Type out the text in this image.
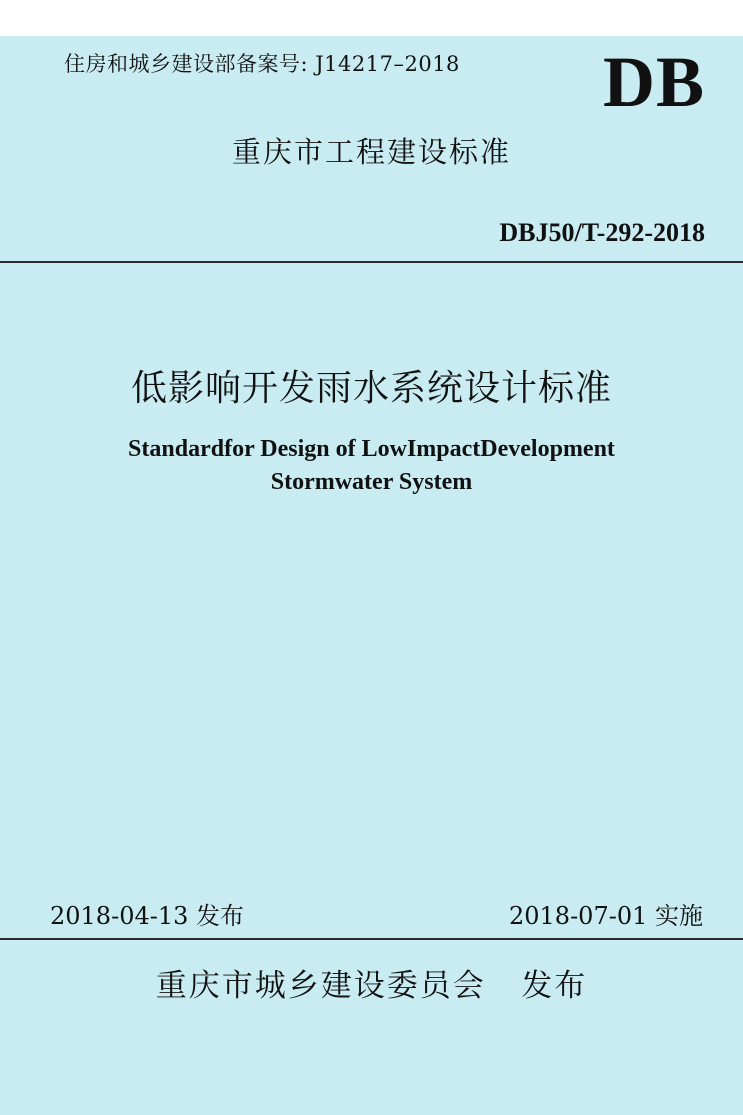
住房和城乡建设部备案号: J14217–2018 DB
重庆市工程建设标准
DBJ50/T-292-2018
低影响开发雨水系统设计标准
Standardfor Design of LowImpactDevelopment
Stormwater System
2018-04-13 发布	2018-07-01 实施
重庆市城乡建设委员会 发布
